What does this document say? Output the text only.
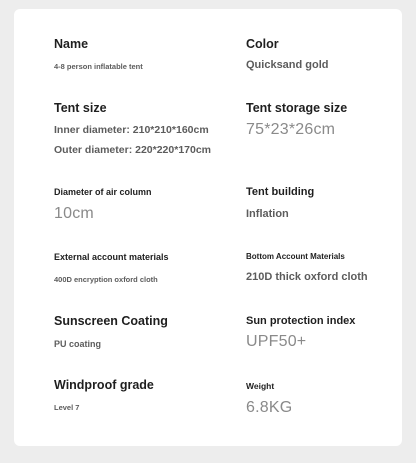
Name
4-8 person inflatable tent
Color
Quicksand gold
Tent size
Inner diameter: 210*210*160cm
Outer diameter: 220*220*170cm
Tent storage size
75*23*26cm
Diameter of air column
10cm
Tent building
Inflation
External account materials
400D encryption oxford cloth
Bottom Account Materials
210D thick oxford cloth
Sunscreen Coating
PU coating
Sun protection index
UPF50+
Windproof grade
Level 7
Weight
6.8KG
